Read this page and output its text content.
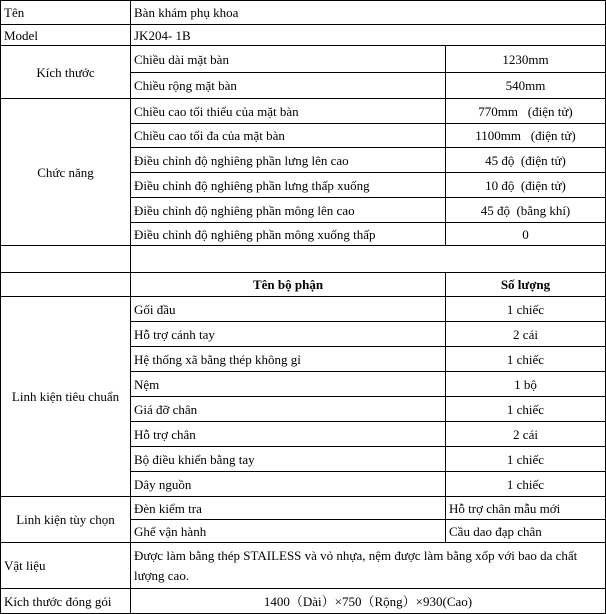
Tên	Bàn khám phụ khoa	
Model	JK204- 1B	
Kích thước	Chiều dài mặt bàn	1230mm
	Chiều rộng mặt bàn	540mm
Chức năng	Chiều cao tối thiểu của mặt bàn	770mm (điện tử)
	Chiều cao tối đa của mặt bàn	1100mm (điện tử)
	Điều chỉnh độ nghiêng phần lưng lên cao	45 độ (điện tử)
	Điều chỉnh độ nghiêng phần lưng thấp xuống	10 độ (điện tử)
	Điều chỉnh độ nghiêng phần mông lên cao	45 độ (bằng khí)
	Điều chỉnh độ nghiêng phần mông xuống thấp	0

	Tên bộ phận	Số lượng
Linh kiện tiêu chuẩn	Gối đầu	1 chiếc
	Hỗ trợ cánh tay	2 cái
	Hệ thống xã bằng thép không gỉ	1 chiếc
	Nệm	1 bộ
	Giá đỡ chân	1 chiếc
	Hỗ trợ chân	2 cái
	Bộ điều khiển bằng tay	1 chiếc
	Dây nguồn	1 chiếc
Linh kiện tùy chọn	Đèn kiểm tra	Hỗ trợ chân mẫu mới
	Ghế vận hành	Cầu dao đạp chân
Vật liệu	Được làm bằng thép STAILESS và vỏ nhựa, nệm được làm bằng xốp với bao da chất lượng cao.	
Kích thước đóng gói	1400（Dài）×750（Rộng）×930(Cao)	
